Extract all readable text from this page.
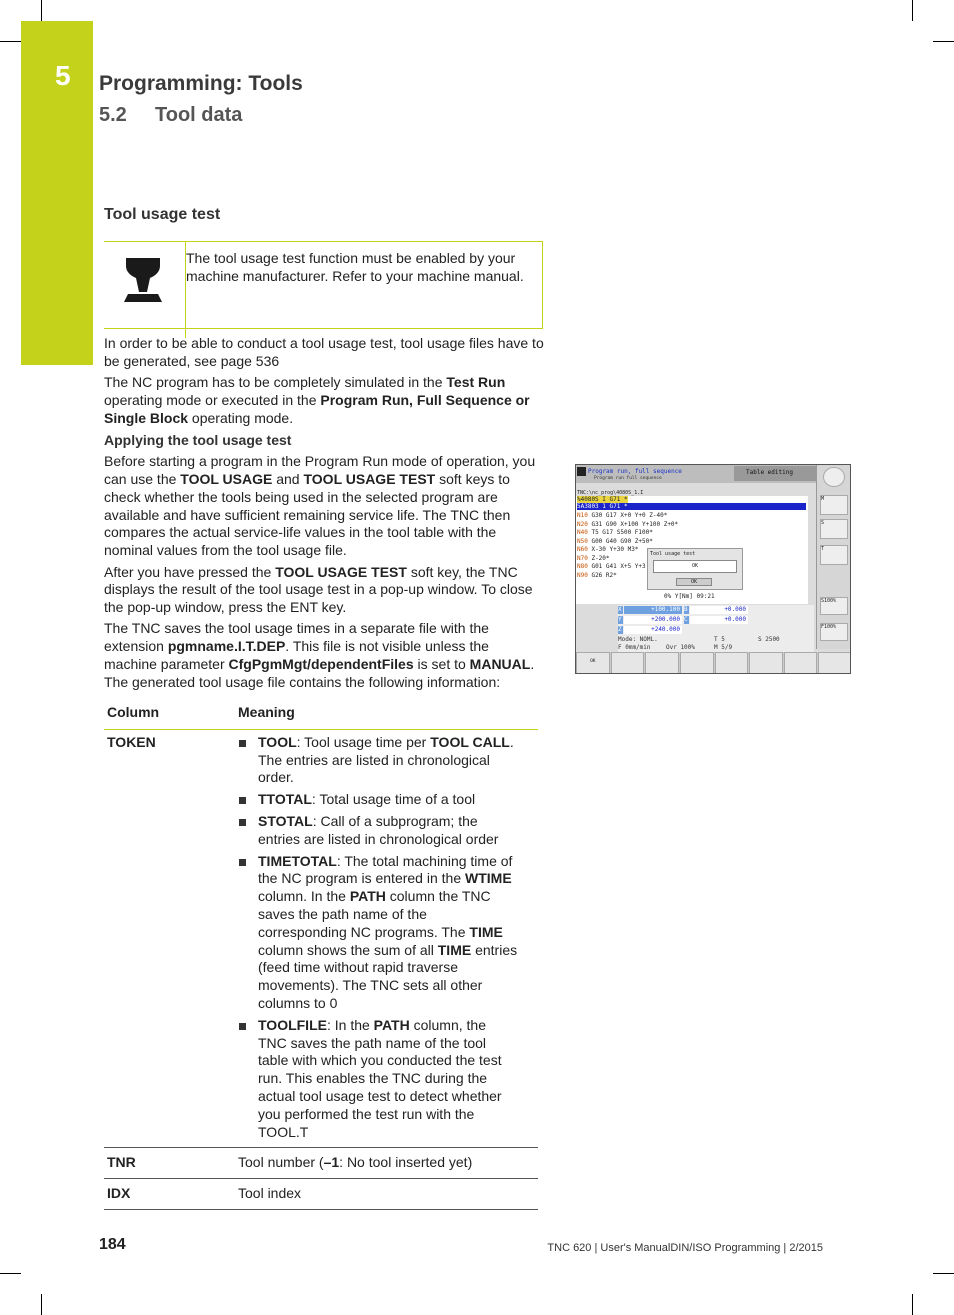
5 Programming: Tools
5.2 Tool data
Tool usage test
The tool usage test function must be enabled by your machine manufacturer. Refer to your machine manual.

In order to be able to conduct a tool usage test, tool usage files have to be generated, see page 536

The NC program has to be completely simulated in the Test Run operating mode or executed in the Program Run, Full Sequence or Single Block operating mode.

Applying the tool usage test

Before starting a program in the Program Run mode of operation, you can use the TOOL USAGE and TOOL USAGE TEST soft keys to check whether the tools being used in the selected program are available and have sufficient remaining service life. The TNC then compares the actual service-life values in the tool table with the nominal values from the tool usage file.

After you have pressed the TOOL USAGE TEST soft key, the TNC displays the result of the tool usage test in a pop-up window. To close the pop-up window, press the ENT key.

The TNC saves the tool usage times in a separate file with the extension pgmname.I.T.DEP. This file is not visible unless the machine parameter CfgPgmMgt/dependentFiles is set to MANUAL. The generated tool usage file contains the following information:

Column	Meaning
TOKEN	TOOL: Tool usage time per TOOL CALL. The entries are listed in chronological order.
TTOTAL: Total usage time of a tool
STOTAL: Call of a subprogram; the entries are listed in chronological order
TIMETOTAL: The total machining time of the NC program is entered in the WTIME column. In the PATH column the TNC saves the path name of the corresponding NC programs. The TIME column shows the sum of all TIME entries (feed time without rapid traverse movements). The TNC sets all other columns to 0
TOOLFILE: In the PATH column, the TNC saves the path name of the tool table with which you conducted the test run. This enables the TNC during the actual tool usage test to detect whether you performed the test run with the TOOL.T
TNR	Tool number (–1: No tool inserted yet)
IDX	Tool index
Program run, full sequence
Program run full sequence
Table editing
TNC:\nc_prog\4080S_1.I
%4080S I G71 *
5A3803 1 G71 *
N10 G30 G17 X+0 Y+0 Z-40*
N20 G31 G90 X+100 Y+100 Z+0*
N40 T5 G17 S500 F100*
N50 G00 G40 G90 Z+50*
N60 X-30 Y+30 M3*
N70 Z-20*
N80 G01 G41 X+5 Y+3
N90 G26 R2*
Tool usage test
OK
OK
0% Y[Nm] 09:21
X	+100.100 B	+0.000
Y	+200.000 C	+0.000
Z	+240.000
Mode: NOML.	T 5	S 2500
F 0mm/min	Ovr 100%	M 5/9
M
S
T
S100%
F100%
OK
184	TNC 620 | User's ManualDIN/ISO Programming | 2/2015
